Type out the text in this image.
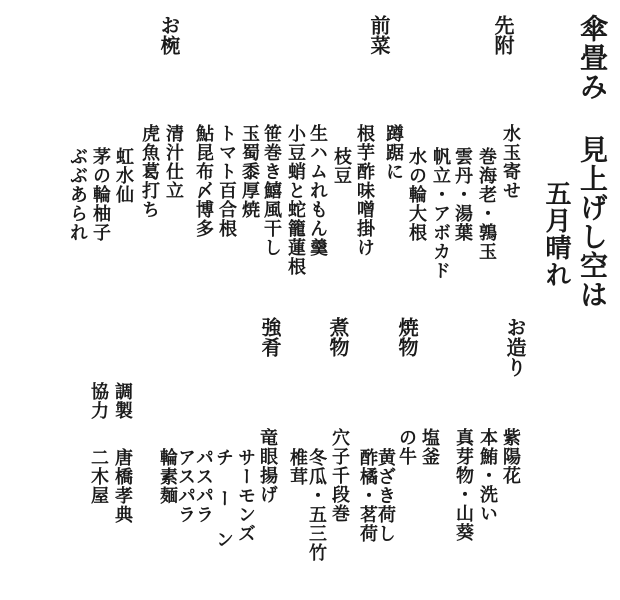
傘畳み 見上げし空は
五月晴れ
先附
前菜
お椀
水玉寄せ
巻海老・鶉玉
雲丹・湯葉
帆立・アボカド
水の輪大根
蹲踞に
根芋酢味噌掛け
枝豆
生ハムれもん羹
小豆蛸と蛇籠蓮根
笹巻き鱚風干し
玉蜀黍厚焼
トマト百合根
鮎昆布〆博多
清汁仕立
虎魚葛打ち
虹水仙
茅の輪柚子
ぶぶあられ
お造り
焼物
煮物
強肴
紫陽花
本鮪・洗い
真芽物・山葵
塩釜
の牛
黄ざき荷し
酢橘・茗荷
穴子千段巻
冬瓜・五三竹
椎茸
竜眼揚げ
サーモンズ
チ ー ン
パスパラ
アスパラ
輪素麺
調製
協力
唐橋孝典
二木屋
